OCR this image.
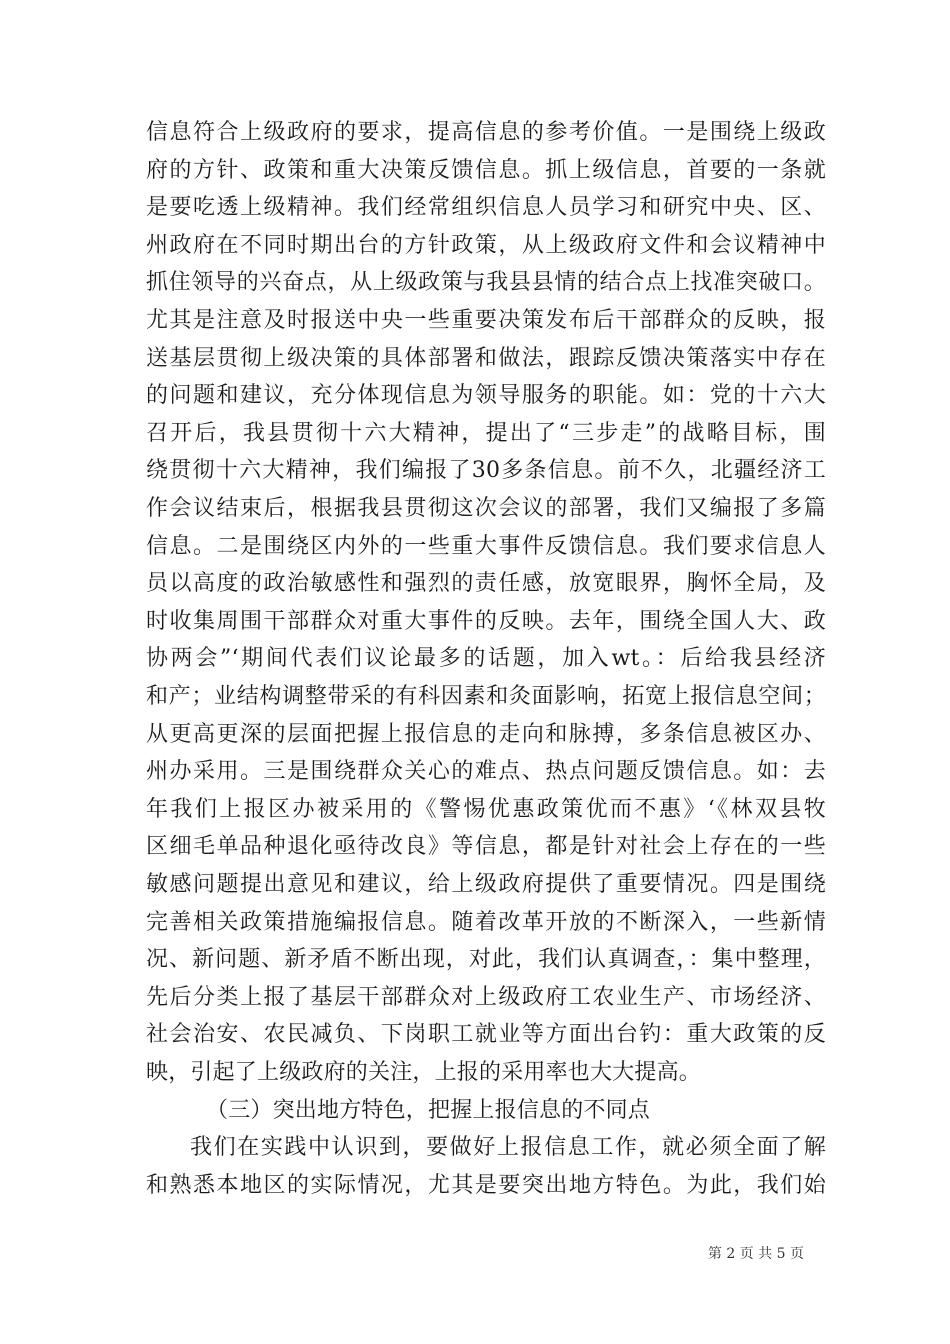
信息符合上级政府的要求，提高信息的参考价值。一是围绕上级政
府的方针、政策和重大决策反馈信息。抓上级信息，首要的一条就
是要吃透上级精神。我们经常组织信息人员学习和研究中央、区、
州政府在不同时期出台的方针政策，从上级政府文件和会议精神中
抓住领导的兴奋点，从上级政策与我县县情的结合点上找准突破口。
尤其是注意及时报送中央一些重要决策发布后干部群众的反映，报
送基层贯彻上级决策的具体部署和做法，跟踪反馈决策落实中存在
的问题和建议，充分体现信息为领导服务的职能。如：党的十六大
召开后，我县贯彻十六大精神，提出了“三步走”的战略目标，围
绕贯彻十六大精神，我们编报了30多条信息。前不久，北疆经济工
作会议结束后，根据我县贯彻这次会议的部署，我们又编报了多篇
信息。二是围绕区内外的一些重大事件反馈信息。我们要求信息人
员以高度的政治敏感性和强烈的责任感，放宽眼界，胸怀全局，及
时收集周围干部群众对重大事件的反映。去年，围绕全国人大、政
协两会”‘期间代表们议论最多的话题，加入wt。：后给我县经济
和产；业结构调整带采的有科因素和灸面影响，拓宽上报信息空间；
从更高更深的层面把握上报信息的走向和脉搏，多条信息被区办、
州办采用。三是围绕群众关心的难点、热点问题反馈信息。如：去
年我们上报区办被采用的《警惕优惠政策优而不惠》‘《林双县牧
区细毛单品种退化亟待改良》等信息，都是针对社会上存在的一些
敏感问题提出意见和建议，给上级政府提供了重要情况。四是围绕
完善相关政策措施编报信息。随着改革开放的不断深入，一些新情
况、新问题、新矛盾不断出现，对此，我们认真调查，：集中整理，
先后分类上报了基层干部群众对上级政府工农业生产、市场经济、
社会治安、农民减负、下岗职工就业等方面出台钓：重大政策的反
映，引起了上级政府的关注，上报的采用率也大大提高。
（三）突出地方特色，把握上报信息的不同点
我们在实践中认识到，要做好上报信息工作，就必须全面了解
和熟悉本地区的实际情况，尤其是要突出地方特色。为此，我们始
第 2 页 共 5 页
